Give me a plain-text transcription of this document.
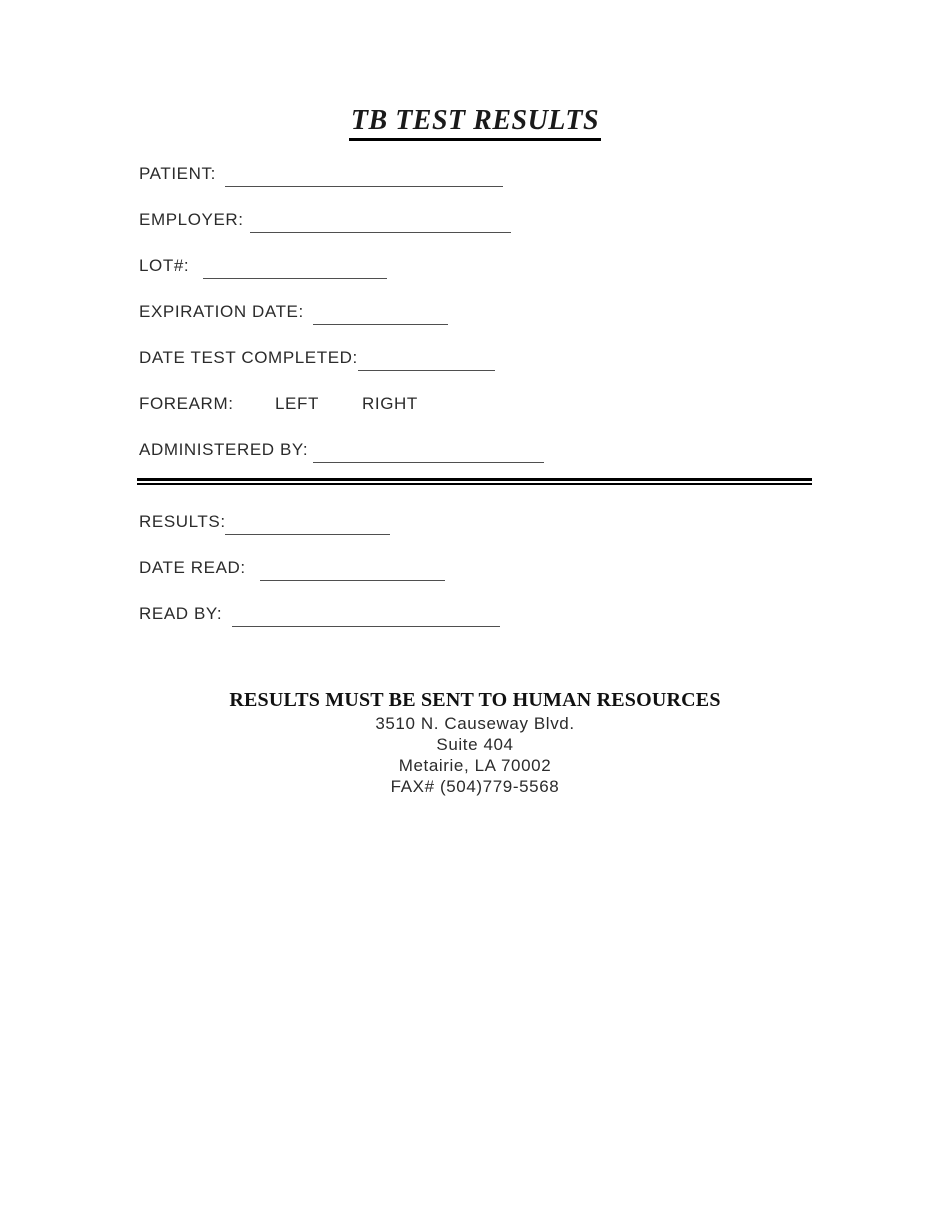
TB TEST RESULTS
PATIENT:
EMPLOYER:
LOT#:
EXPIRATION DATE:
DATE TEST COMPLETED:
FOREARM: LEFT	RIGHT
ADMINISTERED BY:
RESULTS:
DATE READ:
READ BY:
RESULTS MUST BE SENT TO HUMAN RESOURCES
3510 N. Causeway Blvd.
Suite 404
Metairie, LA 70002
FAX# (504)779-5568
